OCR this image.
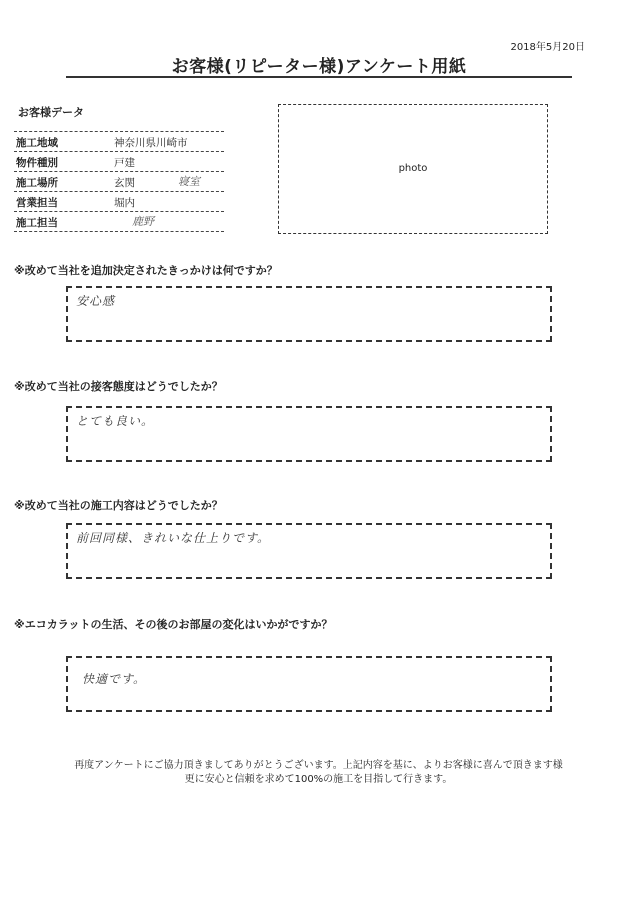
2018年5月20日
お客様(リピーター様)アンケート用紙
お客様データ
施工地域	神奈川県川崎市
物件種別	戸建
施工場所	玄関	寝室
営業担当	堀内
施工担当	鹿野
photo
※改めて当社を追加決定されたきっかけは何ですか？
安心感
※改めて当社の接客態度はどうでしたか？
とても良い。
※改めて当社の施工内容はどうでしたか？
前回同様、きれいな仕上りです。
※エコカラットの生活、その後のお部屋の変化はいかがですか？
快適です。
再度アンケートにご協力頂きましてありがとうございます。上記内容を基に、よりお客様に喜んで頂きます様
更に安心と信頼を求めて100%の施工を目指して行きます。
